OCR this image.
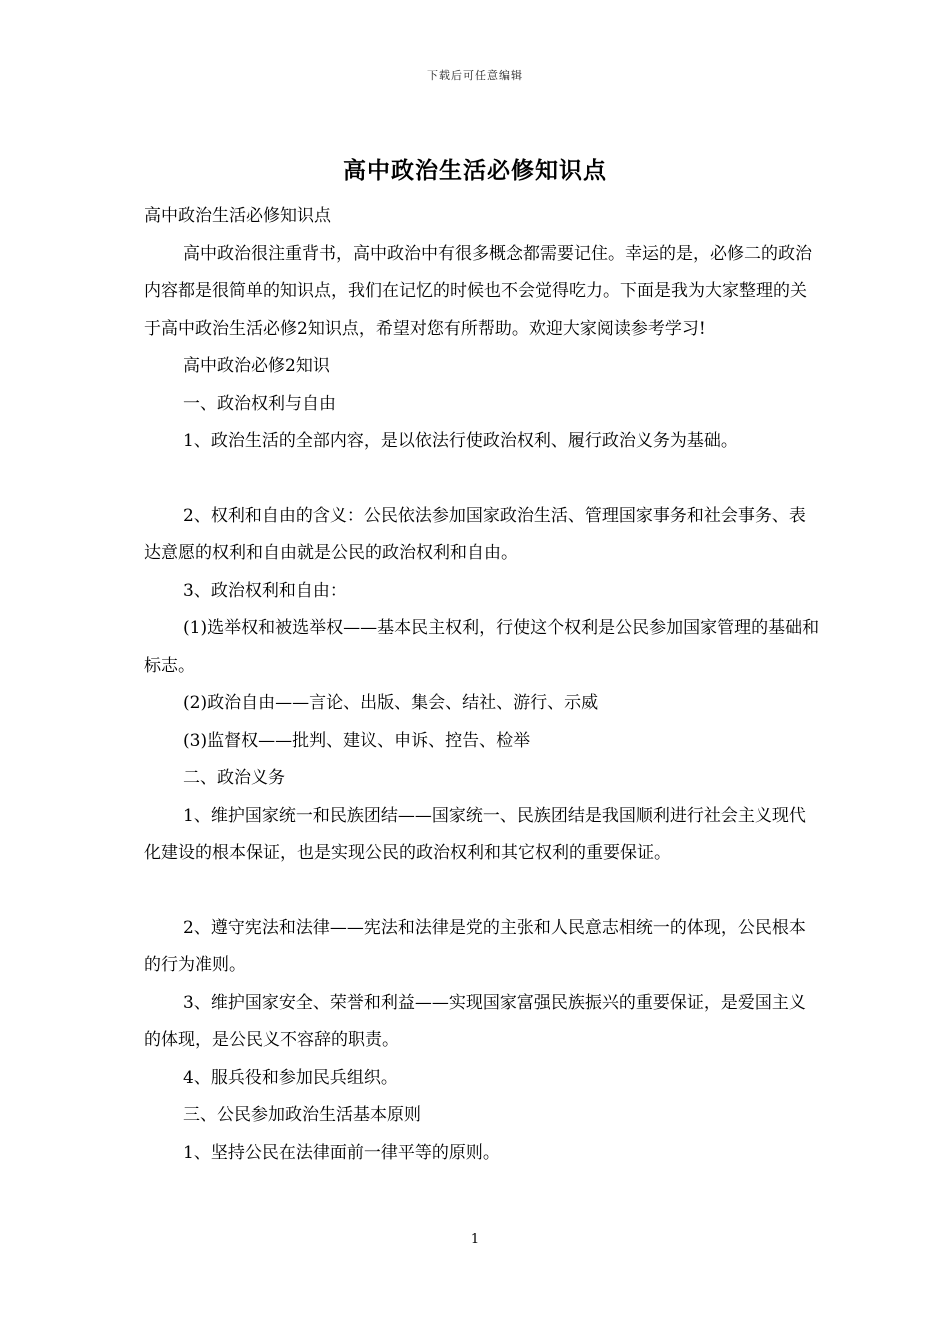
下载后可任意编辑
高中政治生活必修知识点

高中政治生活必修知识点

高中政治很注重背书，高中政治中有很多概念都需要记住。幸运的是，必修二的政治内容都是很简单的知识点，我们在记忆的时候也不会觉得吃力。下面是我为大家整理的关于高中政治生活必修2知识点，希望对您有所帮助。欢迎大家阅读参考学习!

高中政治必修2知识

一、政治权利与自由

1、政治生活的全部内容，是以依法行使政治权利、履行政治义务为基础。

2、权利和自由的含义：公民依法参加国家政治生活、管理国家事务和社会事务、表达意愿的权利和自由就是公民的政治权利和自由。

3、政治权利和自由：

(1)选举权和被选举权——基本民主权利，行使这个权利是公民参加国家管理的基础和标志。

(2)政治自由——言论、出版、集会、结社、游行、示威

(3)监督权——批判、建议、申诉、控告、检举

二、政治义务

1、维护国家统一和民族团结——国家统一、民族团结是我国顺利进行社会主义现代化建设的根本保证，也是实现公民的政治权利和其它权利的重要保证。

2、遵守宪法和法律——宪法和法律是党的主张和人民意志相统一的体现，公民根本的行为准则。

3、维护国家安全、荣誉和利益——实现国家富强民族振兴的重要保证，是爱国主义的体现，是公民义不容辞的职责。

4、服兵役和参加民兵组织。

三、公民参加政治生活基本原则

1、坚持公民在法律面前一律平等的原则。

1
